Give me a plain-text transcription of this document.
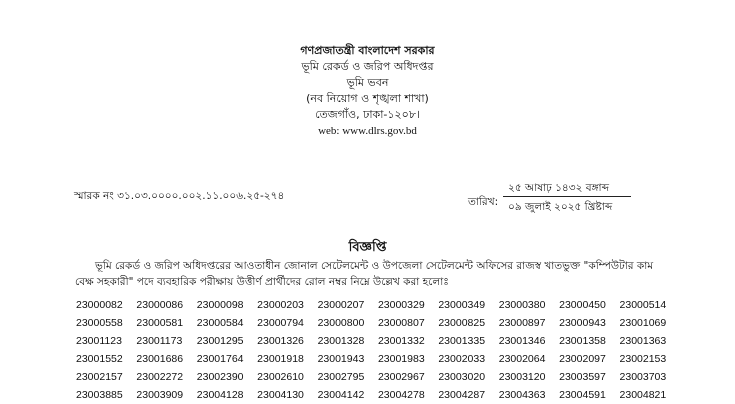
গণপ্রজাতন্ত্রী বাংলাদেশ সরকার
ভূমি রেকর্ড ও জরিপ অধিদপ্তর
ভূমি ভবন
(নব নিয়োগ ও শৃঙ্খলা শাখা)
তেজগাঁও, ঢাকা-১২০৮।
web: www.dlrs.gov.bd
স্মারক নং ৩১.০৩.০০০০.০০২.১১.০০৬.২৫-২৭৪	তারিখ:
২৫ আষাঢ় ১৪৩২ বঙ্গাব্দ
০৯ জুলাই ২০২৫ খ্রিষ্টাব্দ
বিজ্ঞপ্তি
ভূমি রেকর্ড ও জরিপ অধিদপ্তরের আওতাধীন জোনাল সেটেলমেন্ট ও উপজেলা সেটেলমেন্ট অফিসের রাজস্ব খাতভুক্ত "কম্পিউটার কাম
বেক্ষ সহকারী" পদে ব্যবহারিক পরীক্ষায় উত্তীর্ণ প্রার্থীদের রোল নম্বর নিম্নে উল্লেখ করা হলোঃ
23000082	23000086	23000098	23000203	23000207	23000329	23000349	23000380	23000450	23000514
23000558	23000581	23000584	23000794	23000800	23000807	23000825	23000897	23000943	23001069
23001123	23001173	23001295	23001326	23001328	23001332	23001335	23001346	23001358	23001363
23001552	23001686	23001764	23001918	23001943	23001983	23002033	23002064	23002097	23002153
23002157	23002272	23002390	23002610	23002795	23002967	23003020	23003120	23003597	23003703
23003885	23003909	23004128	23004130	23004142	23004278	23004287	23004363	23004591	23004821
